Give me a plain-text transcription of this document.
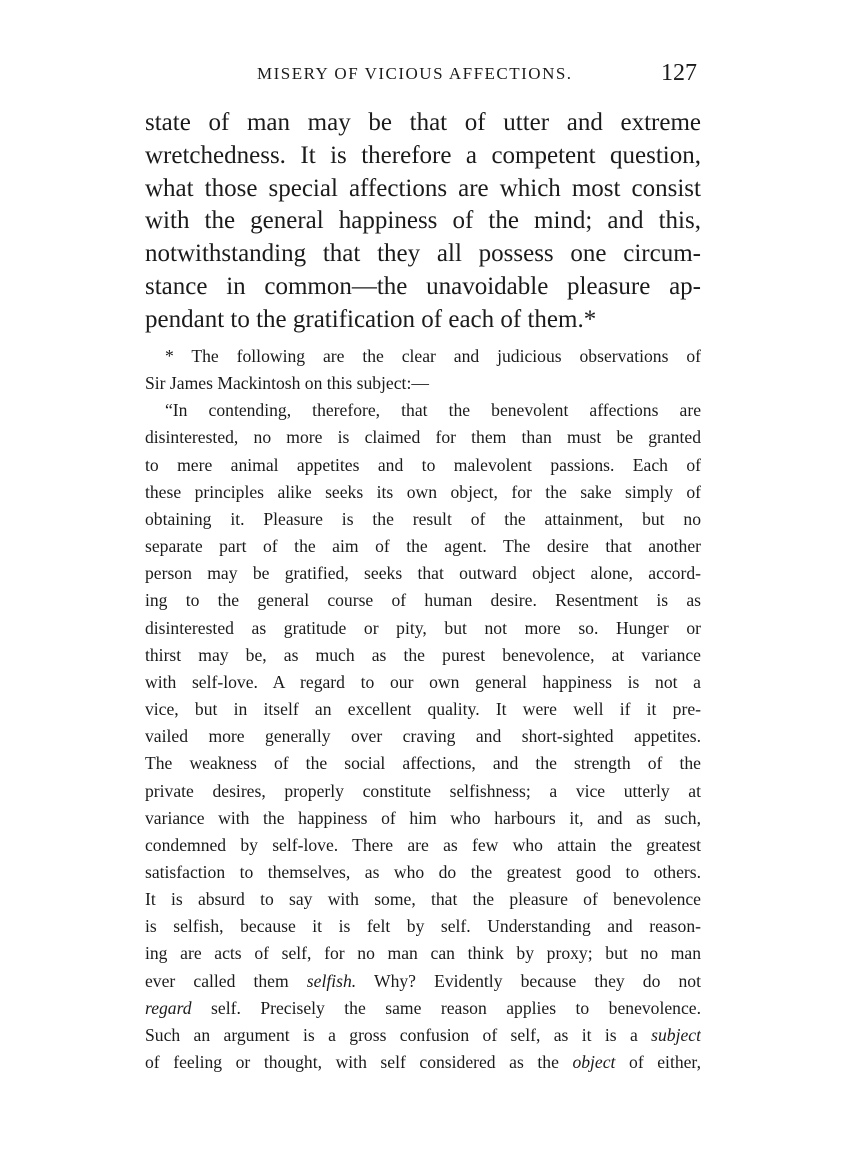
MISERY OF VICIOUS AFFECTIONS.	127
state of man may be that of utter and extreme
wretchedness. It is therefore a competent question,
what those special affections are which most consist
with the general happiness of the mind; and this,
notwithstanding that they all possess one circum-
stance in common—the unavoidable pleasure ap-
pendant to the gratification of each of them.*
* The following are the clear and judicious observations of
Sir James Mackintosh on this subject:—
“In contending, therefore, that the benevolent affections are
disinterested, no more is claimed for them than must be granted
to mere animal appetites and to malevolent passions. Each of
these principles alike seeks its own object, for the sake simply of
obtaining it. Pleasure is the result of the attainment, but no
separate part of the aim of the agent. The desire that another
person may be gratified, seeks that outward object alone, accord-
ing to the general course of human desire. Resentment is as
disinterested as gratitude or pity, but not more so. Hunger or
thirst may be, as much as the purest benevolence, at variance
with self-love. A regard to our own general happiness is not a
vice, but in itself an excellent quality. It were well if it pre-
vailed more generally over craving and short-sighted appetites.
The weakness of the social affections, and the strength of the
private desires, properly constitute selfishness; a vice utterly at
variance with the happiness of him who harbours it, and as such,
condemned by self-love. There are as few who attain the greatest
satisfaction to themselves, as who do the greatest good to others.
It is absurd to say with some, that the pleasure of benevolence
is selfish, because it is felt by self. Understanding and reason-
ing are acts of self, for no man can think by proxy; but no man
ever called them selfish. Why? Evidently because they do not
regard self. Precisely the same reason applies to benevolence.
Such an argument is a gross confusion of self, as it is a subject
of feeling or thought, with self considered as the object of either,
